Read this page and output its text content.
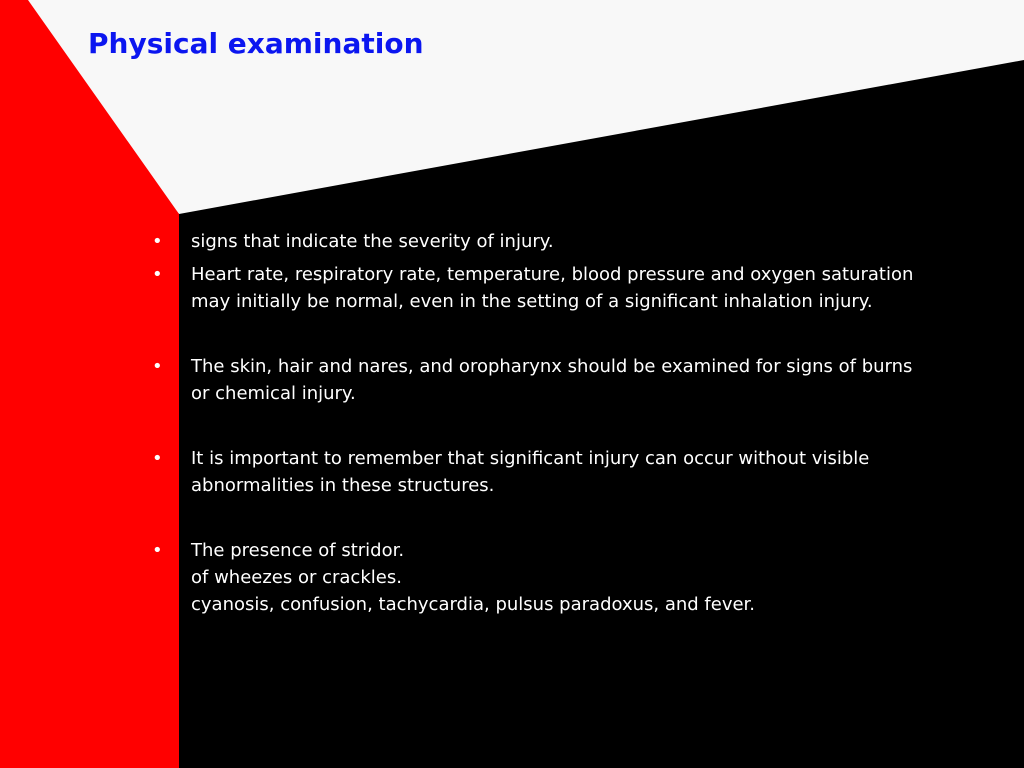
Physical examination
• signs that indicate the severity of injury.
• Heart rate, respiratory rate, temperature, blood pressure and oxygen saturation
may initially be normal, even in the setting of a significant inhalation injury.
• The skin, hair and nares, and oropharynx should be examined for signs of burns
or chemical injury.
• It is important to remember that significant injury can occur without visible
abnormalities in these structures.
• The presence of stridor.
of wheezes or crackles.
cyanosis, confusion, tachycardia, pulsus paradoxus, and fever.
